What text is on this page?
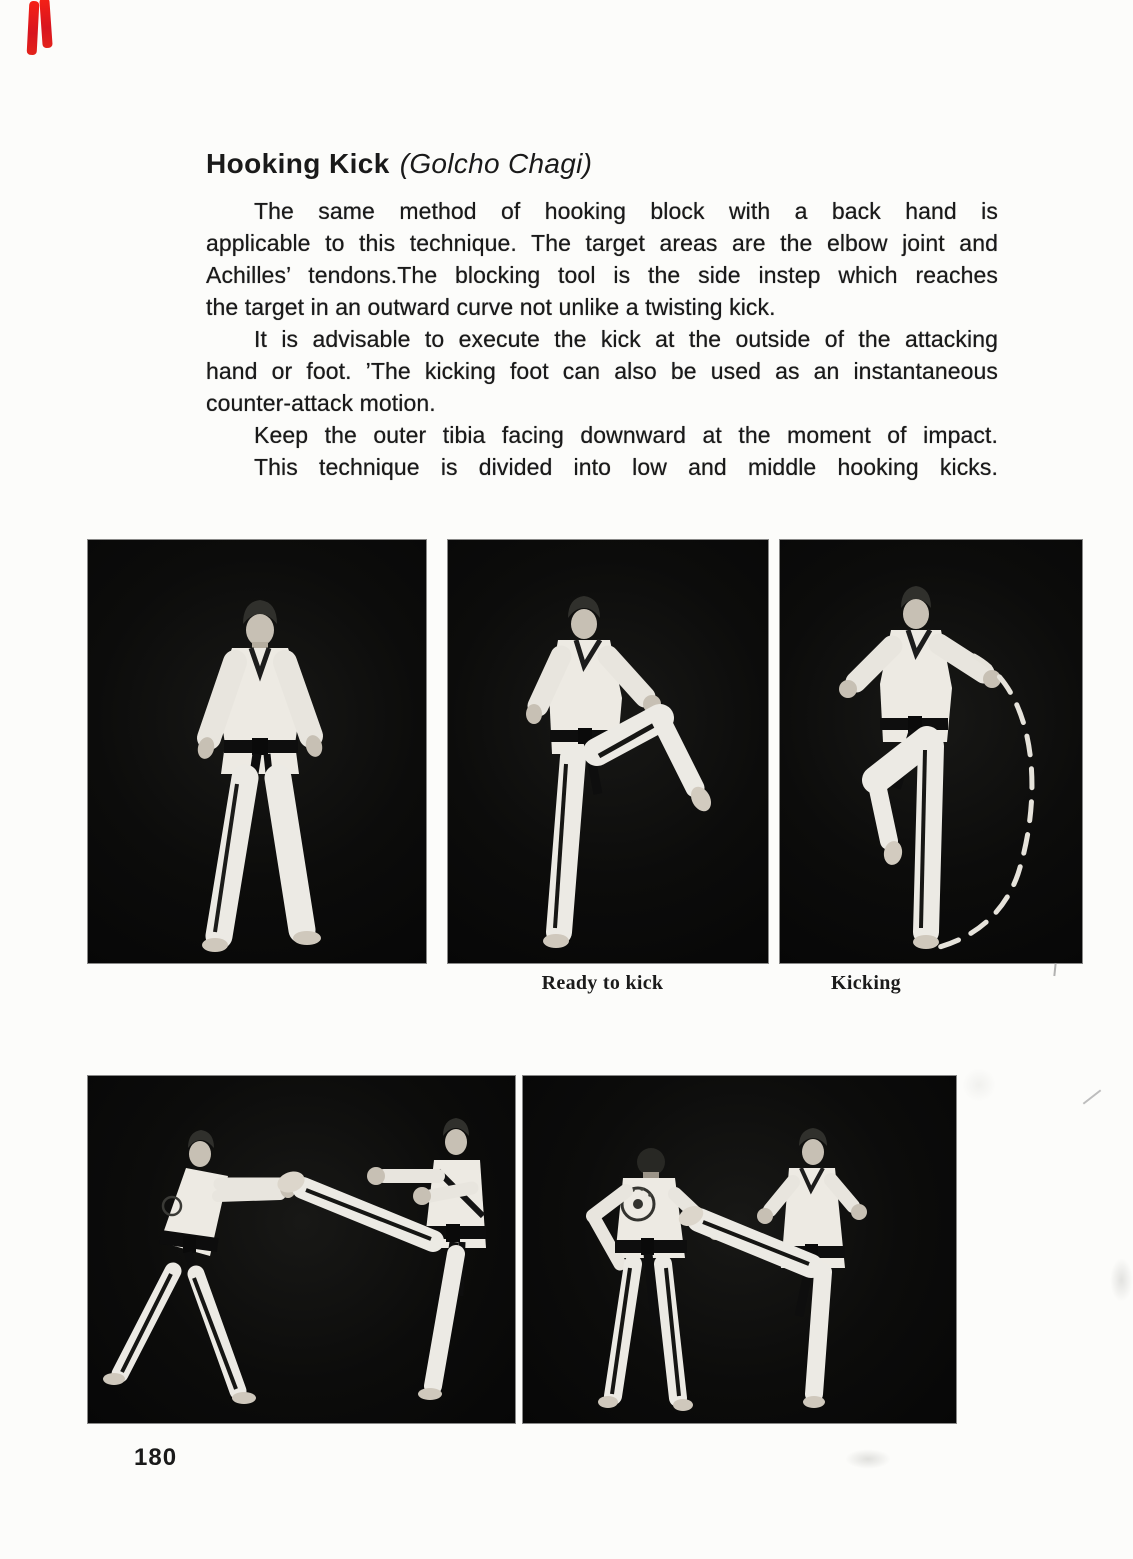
Hooking Kick (Golcho Chagi)
The same method of hooking block with a back hand is
applicable to this technique. The target areas are the elbow joint and
Achilles’ tendons.The blocking tool is the side instep which reaches
the target in an outward curve not unlike a twisting kick.
It is advisable to execute the kick at the outside of the attacking
hand or foot. ’The kicking foot can also be used as an instantaneous
counter-attack motion.
Keep the outer tibia facing downward at the moment of impact.
This technique is divided into low and middle hooking kicks.
Ready to kick	Kicking
180
